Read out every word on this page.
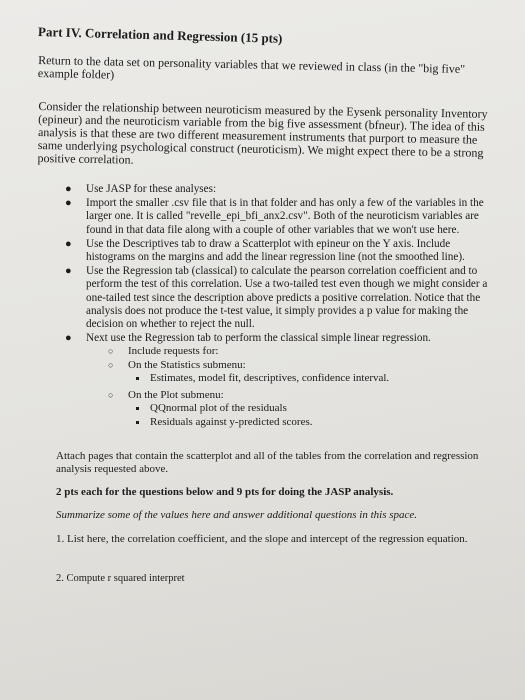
Part IV. Correlation and Regression (15 pts)

Return to the data set on personality variables that we reviewed in class (in the "big five" example folder)

Consider the relationship between neuroticism measured by the Eysenk personality Inventory (epineur) and the neuroticism variable from the big five assessment (bfneur). The idea of this analysis is that these are two different measurement instruments that purport to measure the same underlying psychological construct (neuroticism). We might expect there to be a strong positive correlation.

● Use JASP for these analyses:
● Import the smaller .csv file that is in that folder and has only a few of the variables in the larger one. It is called "revelle_epi_bfi_anx2.csv". Both of the neuroticism variables are found in that data file along with a couple of other variables that we won't use here.
● Use the Descriptives tab to draw a Scatterplot with epineur on the Y axis. Include histograms on the margins and add the linear regression line (not the smoothed line).
● Use the Regression tab (classical) to calculate the pearson correlation coefficient and to perform the test of this correlation. Use a two-tailed test even though we might consider a one-tailed test since the description above predicts a positive correlation. Notice that the analysis does not produce the t-test value, it simply provides a p value for making the decision on whether to reject the null.
● Next use the Regression tab to perform the classical simple linear regression.
○ Include requests for:
○ On the Statistics submenu:
Estimates, model fit, descriptives, confidence interval.
○ On the Plot submenu:
QQnormal plot of the residuals
Residuals against y-predicted scores.

Attach pages that contain the scatterplot and all of the tables from the correlation and regression analysis requested above.

2 pts each for the questions below and 9 pts for doing the JASP analysis.

Summarize some of the values here and answer additional questions in this space.

1. List here, the correlation coefficient, and the slope and intercept of the regression equation.

2. Compute r squared interpret
